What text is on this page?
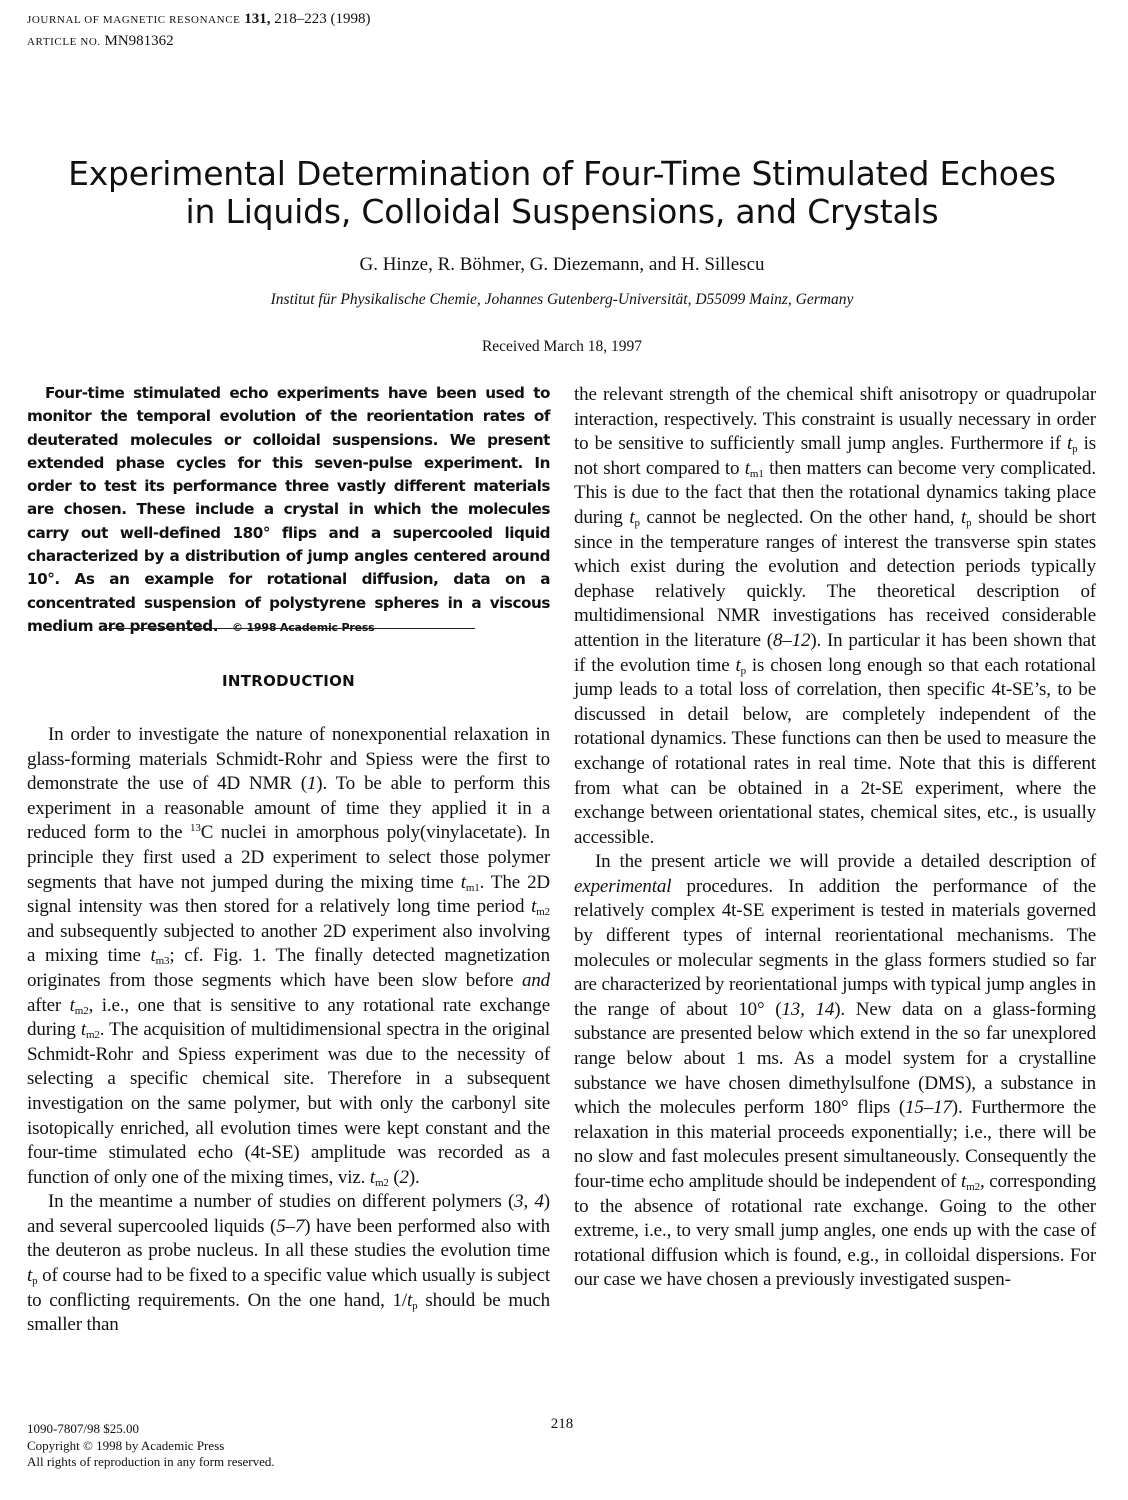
JOURNAL OF MAGNETIC RESONANCE 131, 218–223 (1998)
ARTICLE NO. MN981362
Experimental Determination of Four-Time Stimulated Echoes
in Liquids, Colloidal Suspensions, and Crystals
G. Hinze, R. Böhmer, G. Diezemann, and H. Sillescu
Institut für Physikalische Chemie, Johannes Gutenberg-Universität, D55099 Mainz, Germany
Received March 18, 1997
Four-time stimulated echo experiments have been used to monitor the temporal evolution of the reorientation rates of deuterated molecules or colloidal suspensions. We present extended phase cycles for this seven-pulse experiment. In order to test its performance three vastly different materials are chosen. These include a crystal in which the molecules carry out well-defined 180° flips and a supercooled liquid characterized by a distribution of jump angles centered around 10°. As an example for rotational diffusion, data on a concentrated suspension of polystyrene spheres in a viscous medium are presented. © 1998 Academic Press
INTRODUCTION

In order to investigate the nature of nonexponential relaxation in glass-forming materials Schmidt-Rohr and Spiess were the first to demonstrate the use of 4D NMR (1). To be able to perform this experiment in a reasonable amount of time they applied it in a reduced form to the $^{13}$C nuclei in amorphous poly(vinylacetate). In principle they first used a 2D experiment to select those polymer segments that have not jumped during the mixing time $t_{m1}$. The 2D signal intensity was then stored for a relatively long time period $t_{m2}$ and subsequently subjected to another 2D experiment also involving a mixing time $t_{m3}$; cf. Fig. 1. The finally detected magnetization originates from those segments which have been slow before and after $t_{m2}$, i.e., one that is sensitive to any rotational rate exchange during $t_{m2}$. The acquisition of multidimensional spectra in the original Schmidt-Rohr and Spiess experiment was due to the necessity of selecting a specific chemical site. Therefore in a subsequent investigation on the same polymer, but with only the carbonyl site isotopically enriched, all evolution times were kept constant and the four-time stimulated echo (4t-SE) amplitude was recorded as a function of only one of the mixing times, viz. $t_{m2}$ (2).

In the meantime a number of studies on different polymers (3, 4) and several supercooled liquids (5–7) have been performed also with the deuteron as probe nucleus. In all these studies the evolution time $t_p$ of course had to be fixed to a specific value which usually is subject to conflicting requirements. On the one hand, $1/t_p$ should be much smaller than

the relevant strength of the chemical shift anisotropy or quadrupolar interaction, respectively. This constraint is usually necessary in order to be sensitive to sufficiently small jump angles. Furthermore if $t_p$ is not short compared to $t_{m1}$ then matters can become very complicated. This is due to the fact that then the rotational dynamics taking place during $t_p$ cannot be neglected. On the other hand, $t_p$ should be short since in the temperature ranges of interest the transverse spin states which exist during the evolution and detection periods typically dephase relatively quickly. The theoretical description of multidimensional NMR investigations has received considerable attention in the literature (8–12). In particular it has been shown that if the evolution time $t_p$ is chosen long enough so that each rotational jump leads to a total loss of correlation, then specific 4t-SE’s, to be discussed in detail below, are completely independent of the rotational dynamics. These functions can then be used to measure the exchange of rotational rates in real time. Note that this is different from what can be obtained in a 2t-SE experiment, where the exchange between orientational states, chemical sites, etc., is usually accessible.

In the present article we will provide a detailed description of experimental procedures. In addition the performance of the relatively complex 4t-SE experiment is tested in materials governed by different types of internal reorientational mechanisms. The molecules or molecular segments in the glass formers studied so far are characterized by reorientational jumps with typical jump angles in the range of about 10° (13, 14). New data on a glass-forming substance are presented below which extend in the so far unexplored range below about 1 ms. As a model system for a crystalline substance we have chosen dimethylsulfone (DMS), a substance in which the molecules perform 180° flips (15–17). Furthermore the relaxation in this material proceeds exponentially; i.e., there will be no slow and fast molecules present simultaneously. Consequently the four-time echo amplitude should be independent of $t_{m2}$, corresponding to the absence of rotational rate exchange. Going to the other extreme, i.e., to very small jump angles, one ends up with the case of rotational diffusion which is found, e.g., in colloidal dispersions. For our case we have chosen a previously investigated suspen-

218
1090-7807/98 $25.00
Copyright © 1998 by Academic Press
All rights of reproduction in any form reserved.
